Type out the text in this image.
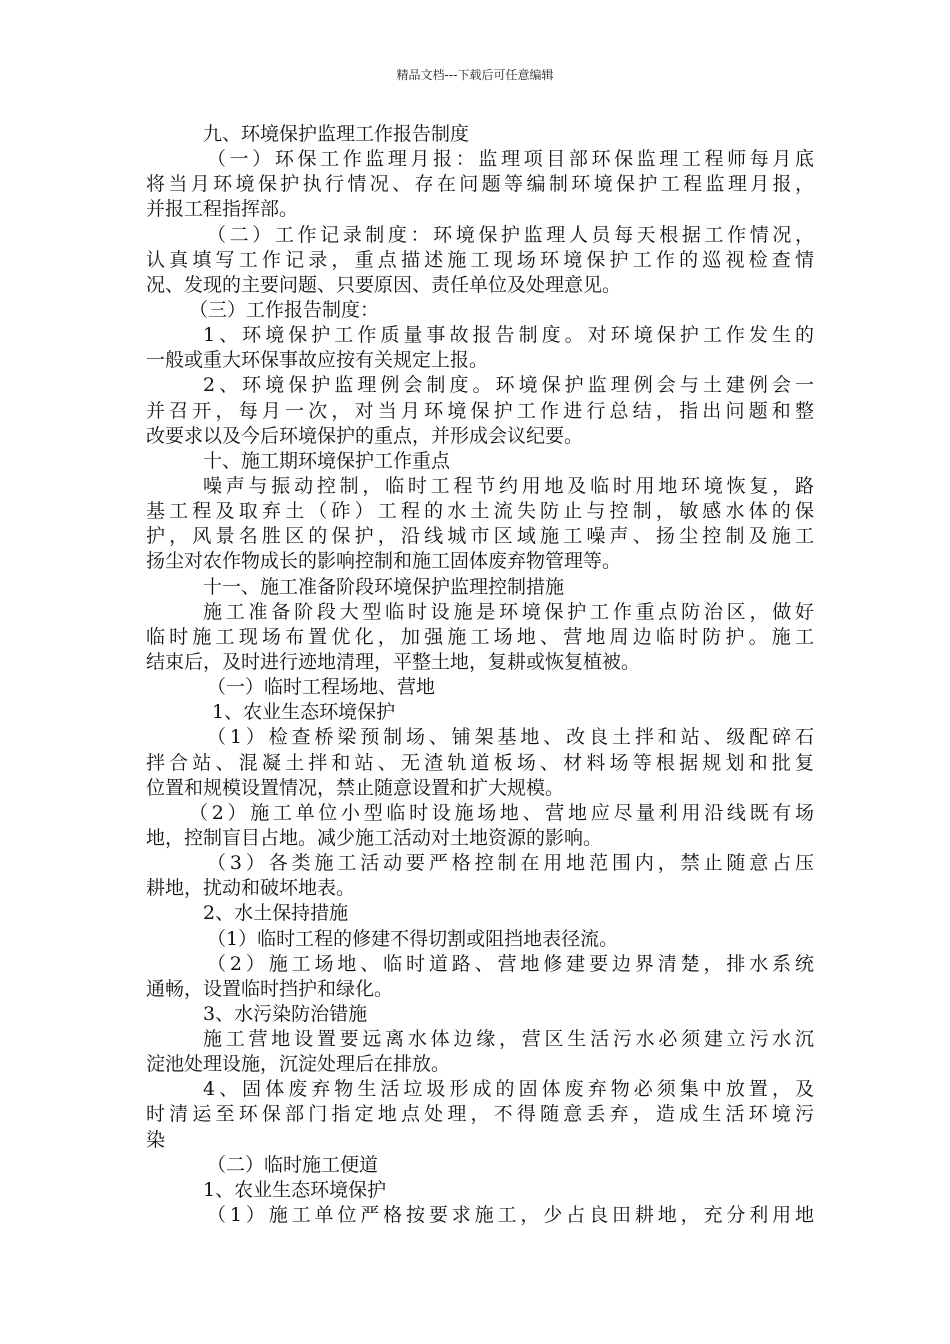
精品文档---下载后可任意编辑
九、环境保护监理工作报告制度
（一）环保工作监理月报：监理项目部环保监理工程师每月底
将当月环境保护执行情况、存在问题等编制环境保护工程监理月报，
并报工程指挥部。
（二）工作记录制度：环境保护监理人员每天根据工作情况，
认真填写工作记录，重点描述施工现场环境保护工作的巡视检查情
况、发现的主要问题、只要原因、责任单位及处理意见。
（三）工作报告制度：
1、环境保护工作质量事故报告制度。对环境保护工作发生的
一般或重大环保事故应按有关规定上报。
2、环境保护监理例会制度。环境保护监理例会与土建例会一
并召开，每月一次，对当月环境保护工作进行总结，指出问题和整
改要求以及今后环境保护的重点，并形成会议纪要。
十、施工期环境保护工作重点
噪声与振动控制，临时工程节约用地及临时用地环境恢复，路
基工程及取弃土（砟）工程的水土流失防止与控制，敏感水体的保
护，风景名胜区的保护，沿线城市区域施工噪声、扬尘控制及施工
扬尘对农作物成长的影响控制和施工固体废弃物管理等。
十一、施工准备阶段环境保护监理控制措施
施工准备阶段大型临时设施是环境保护工作重点防治区，做好
临时施工现场布置优化，加强施工场地、营地周边临时防护。施工
结束后，及时进行迹地清理，平整土地，复耕或恢复植被。
（一）临时工程场地、营地
1、农业生态环境保护
（1）检查桥梁预制场、铺架基地、改良土拌和站、级配碎石
拌合站、混凝土拌和站、无渣轨道板场、材料场等根据规划和批复
位置和规模设置情况，禁止随意设置和扩大规模。
（2）施工单位小型临时设施场地、营地应尽量利用沿线既有场
地，控制盲目占地。减少施工活动对土地资源的影响。
（3）各类施工活动要严格控制在用地范围内，禁止随意占压
耕地，扰动和破坏地表。
2、水土保持措施
（1）临时工程的修建不得切割或阻挡地表径流。
（2）施工场地、临时道路、营地修建要边界清楚，排水系统
通畅，设置临时挡护和绿化。
3、水污染防治错施
施工营地设置要远离水体边缘，营区生活污水必须建立污水沉
淀池处理设施，沉淀处理后在排放。
4、固体废弃物生活垃圾形成的固体废弃物必须集中放置，及
时清运至环保部门指定地点处理，不得随意丢弃，造成生活环境污
染
（二）临时施工便道
1、农业生态环境保护
（1）施工单位严格按要求施工，少占良田耕地，充分利用地
